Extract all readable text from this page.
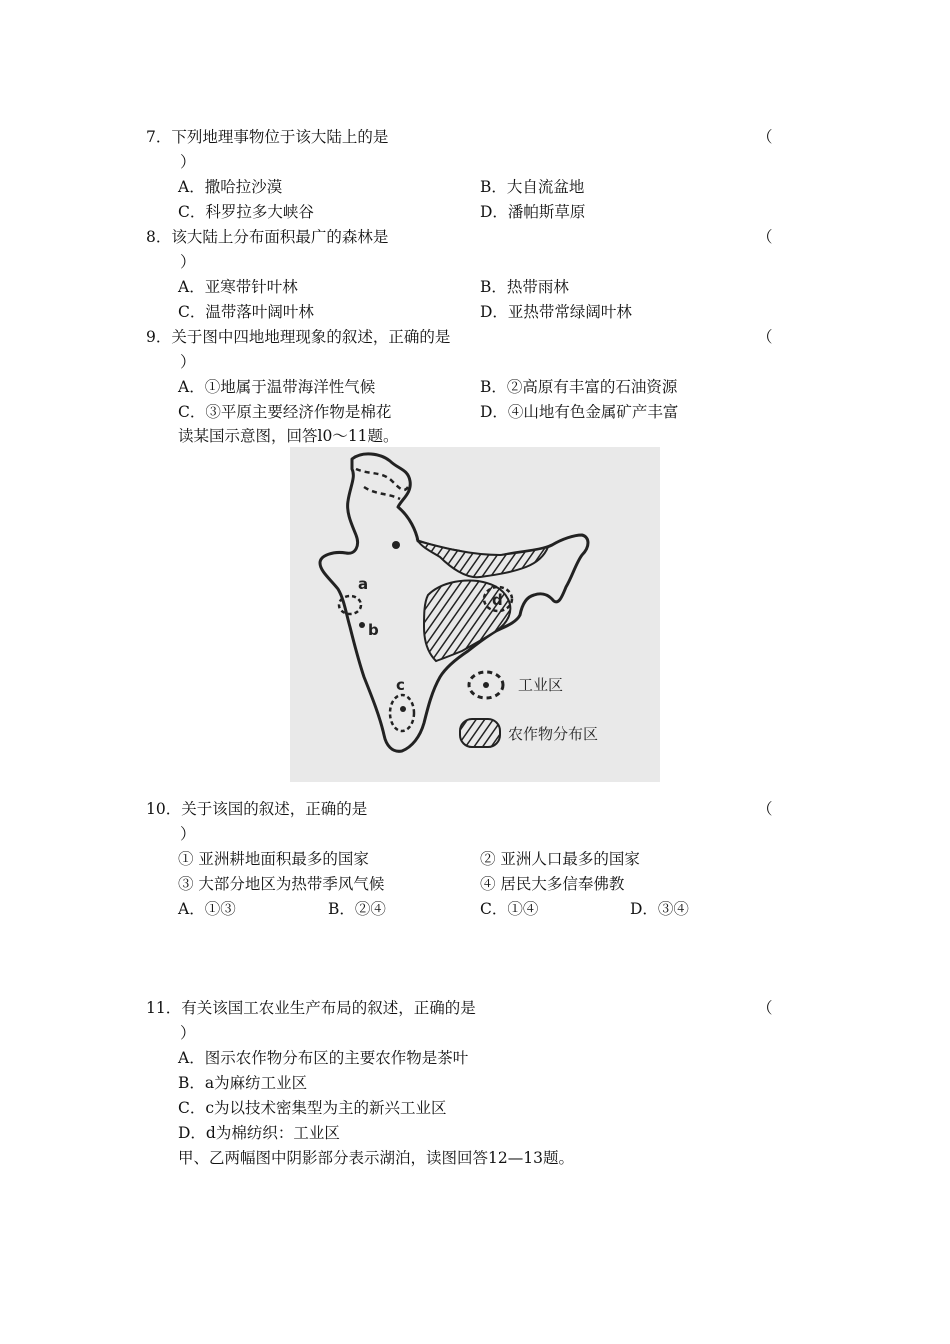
7．下列地理事物位于该大陆上的是	（
）
A．撒哈拉沙漠	B．大自流盆地
C．科罗拉多大峡谷	D．潘帕斯草原
8．该大陆上分布面积最广的森林是	（
）
A．亚寒带针叶林	B．热带雨林
C．温带落叶阔叶林	D．亚热带常绿阔叶林
9．关于图中四地地理现象的叙述，正确的是	（
）
A．①地属于温带海洋性气候	B．②高原有丰富的石油资源
C．③平原主要经济作物是棉花	D．④山地有色金属矿产丰富
读某国示意图，回答l0～11题。
a
b
c
d
工业区
农作物分布区
10．关于该国的叙述，正确的是	（
）
① 亚洲耕地面积最多的国家	② 亚洲人口最多的国家
③ 大部分地区为热带季风气候	④ 居民大多信奉佛教
A．①③	B．②④	C．①④	D．③④
11．有关该国工农业生产布局的叙述，正确的是	（
）
A．图示农作物分布区的主要农作物是茶叶
B．a为麻纺工业区
C．c为以技术密集型为主的新兴工业区
D．d为棉纺织：工业区
甲、乙两幅图中阴影部分表示湖泊，读图回答12—13题。
